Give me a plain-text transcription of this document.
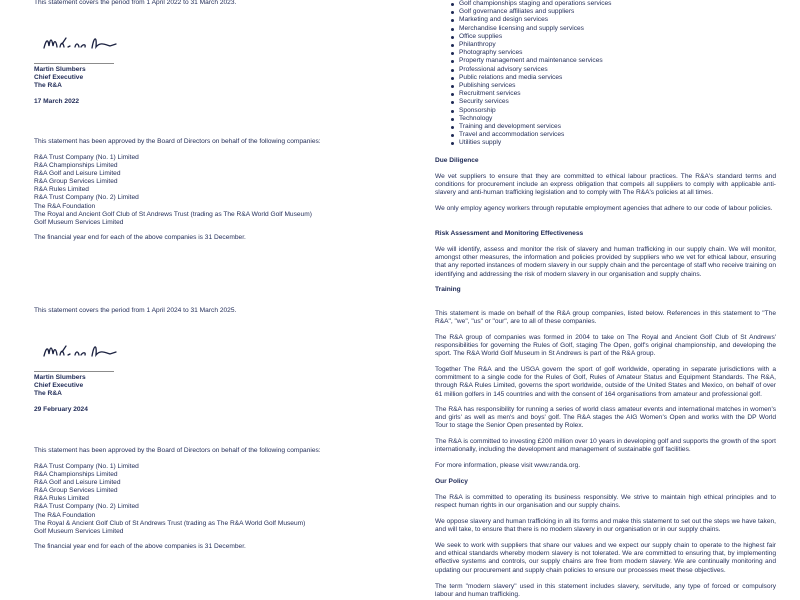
This statement covers the period from 1 April 2022 to 31 March 2023.
Martin Slumbers
Chief Executive
The R&A
17 March 2022
This statement has been approved by the Board of Directors on behalf of the following companies:
R&A Trust Company (No. 1) Limited
R&A Championships Limited
R&A Golf and Leisure Limited
R&A Group Services Limited
R&A Rules Limited
R&A Trust Company (No. 2) Limited
The R&A Foundation
The Royal and Ancient Golf Club of St Andrews Trust (trading as The R&A World Golf Museum)
Golf Museum Services Limited
The financial year end for each of the above companies is 31 December.
This statement covers the period from 1 April 2024 to 31 March 2025.
Martin Slumbers
Chief Executive
The R&A
29 February 2024
This statement has been approved by the Board of Directors on behalf of the following companies:
R&A Trust Company (No. 1) Limited
R&A Championships Limited
R&A Golf and Leisure Limited
R&A Group Services Limited
R&A Rules Limited
R&A Trust Company (No. 2) Limited
The R&A Foundation
The Royal & Ancient Golf Club of St Andrews Trust (trading as The R&A World Golf Museum)
Golf Museum Services Limited
The financial year end for each of the above companies is 31 December.
Golf championships staging and operations services
Golf governance affiliates and suppliers
Marketing and design services
Merchandise licensing and supply services
Office supplies
Philanthropy
Photography services
Property management and maintenance services
Professional advisory services
Public relations and media services
Publishing services
Recruitment services
Security services
Sponsorship
Technology
Training and development services
Travel and accommodation services
Utilities supply
Due Diligence
We vet suppliers to ensure that they are committed to ethical labour practices. The R&A's standard terms and conditions for procurement include an express obligation that compels all suppliers to comply with applicable anti-slavery and anti-human trafficking legislation and to comply with The R&A's policies at all times.
We only employ agency workers through reputable employment agencies that adhere to our code of labour policies.
Risk Assessment and Monitoring Effectiveness
We will identify, assess and monitor the risk of slavery and human trafficking in our supply chain. We will monitor, amongst other measures, the information and policies provided by suppliers who we vet for ethical labour, ensuring that any reported instances of modern slavery in our supply chain and the percentage of staff who receive training on identifying and addressing the risk of modern slavery in our organisation and supply chains.
Training
This statement is made on behalf of the R&A group companies, listed below. References in this statement to "The R&A", "we", "us" or "our", are to all of these companies.
The R&A group of companies was formed in 2004 to take on The Royal and Ancient Golf Club of St Andrews' responsibilities for governing the Rules of Golf, staging The Open, golf's original championship, and developing the sport. The R&A World Golf Museum in St Andrews is part of the R&A group.
Together The R&A and the USGA govern the sport of golf worldwide, operating in separate jurisdictions with a commitment to a single code for the Rules of Golf, Rules of Amateur Status and Equipment Standards. The R&A, through R&A Rules Limited, governs the sport worldwide, outside of the United States and Mexico, on behalf of over 61 million golfers in 145 countries and with the consent of 164 organisations from amateur and professional golf.
The R&A has responsibility for running a series of world class amateur events and international matches in women's and girls' as well as men's and boys' golf. The R&A stages the AIG Women's Open and works with the DP World Tour to stage the Senior Open presented by Rolex.
The R&A is committed to investing £200 million over 10 years in developing golf and supports the growth of the sport internationally, including the development and management of sustainable golf facilities.
For more information, please visit www.randa.org.
Our Policy
The R&A is committed to operating its business responsibly. We strive to maintain high ethical principles and to respect human rights in our organisation and our supply chains.
We oppose slavery and human trafficking in all its forms and make this statement to set out the steps we have taken, and will take, to ensure that there is no modern slavery in our organisation or in our supply chains.
We seek to work with suppliers that share our values and we expect our supply chain to operate to the highest fair and ethical standards whereby modern slavery is not tolerated. We are committed to ensuring that, by implementing effective systems and controls, our supply chains are free from modern slavery. We are continually monitoring and updating our procurement and supply chain policies to ensure our processes meet these objectives.
The term "modern slavery" used in this statement includes slavery, servitude, any type of forced or compulsory labour and human trafficking.
